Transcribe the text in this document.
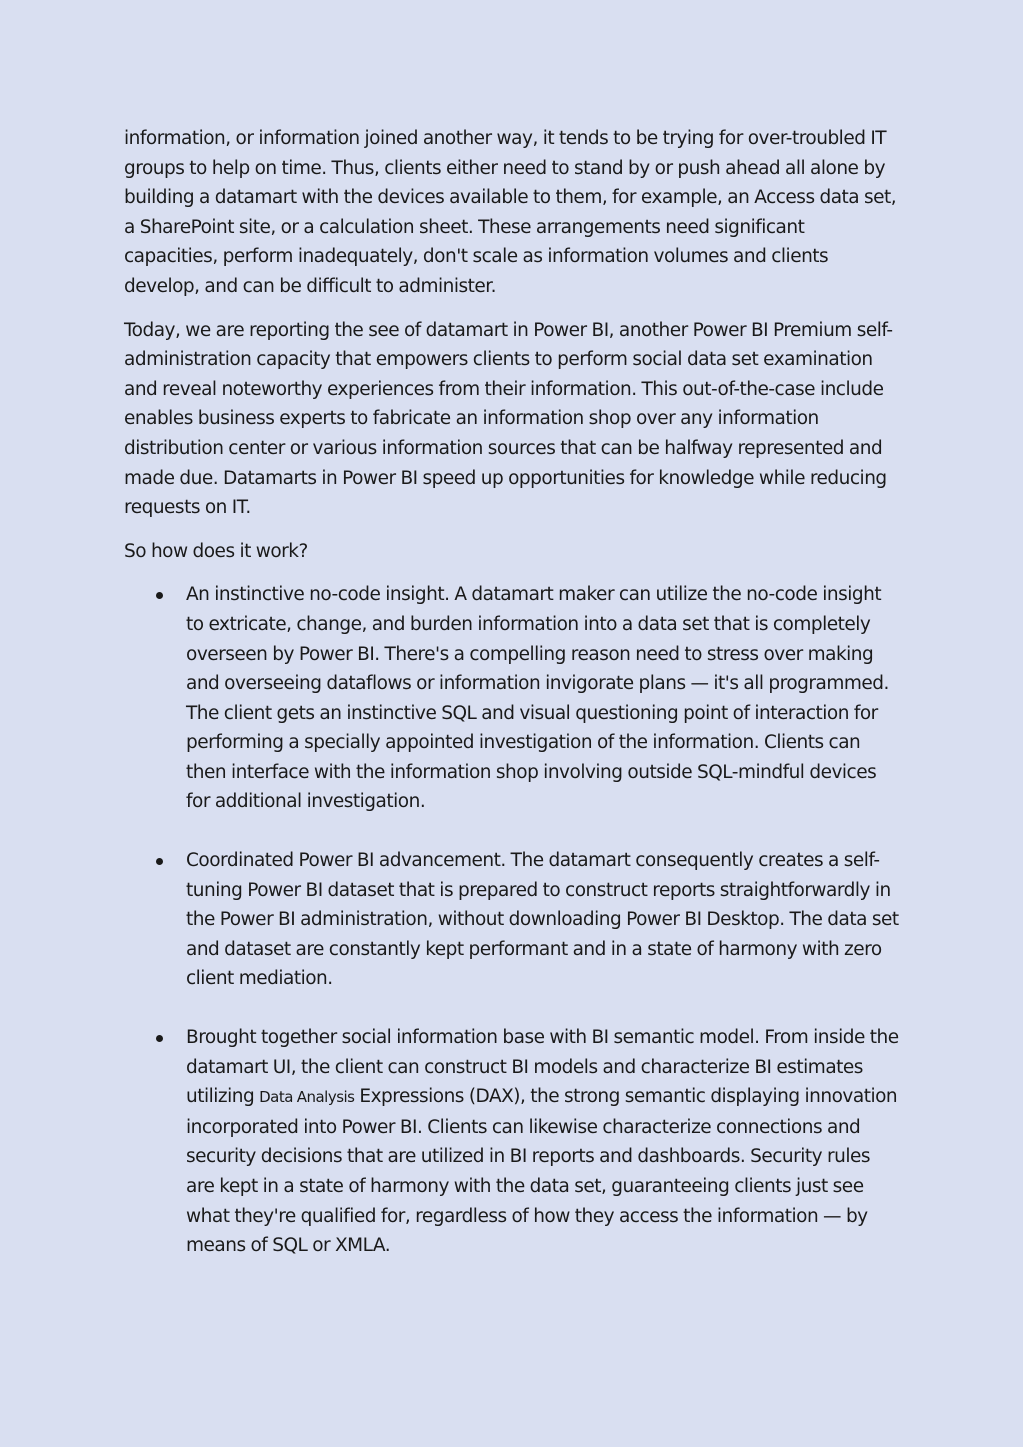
information, or information joined another way, it tends to be trying for over-troubled IT groups to help on time. Thus, clients either need to stand by or push ahead all alone by building a datamart with the devices available to them, for example, an Access data set, a SharePoint site, or a calculation sheet. These arrangements need significant capacities, perform inadequately, don't scale as information volumes and clients develop, and can be difficult to administer.

Today, we are reporting the see of datamart in Power BI, another Power BI Premium self-administration capacity that empowers clients to perform social data set examination and reveal noteworthy experiences from their information. This out-of-the-case include enables business experts to fabricate an information shop over any information distribution center or various information sources that can be halfway represented and made due. Datamarts in Power BI speed up opportunities for knowledge while reducing requests on IT.

So how does it work?

An instinctive no-code insight. A datamart maker can utilize the no-code insight to extricate, change, and burden information into a data set that is completely overseen by Power BI. There's a compelling reason need to stress over making and overseeing dataflows or information invigorate plans — it's all programmed. The client gets an instinctive SQL and visual questioning point of interaction for performing a specially appointed investigation of the information. Clients can then interface with the information shop involving outside SQL-mindful devices for additional investigation.

Coordinated Power BI advancement. The datamart consequently creates a self-tuning Power BI dataset that is prepared to construct reports straightforwardly in the Power BI administration, without downloading Power BI Desktop. The data set and dataset are constantly kept performant and in a state of harmony with zero client mediation.

Brought together social information base with BI semantic model. From inside the datamart UI, the client can construct BI models and characterize BI estimates utilizing Data Analysis Expressions (DAX), the strong semantic displaying innovation incorporated into Power BI. Clients can likewise characterize connections and security decisions that are utilized in BI reports and dashboards. Security rules are kept in a state of harmony with the data set, guaranteeing clients just see what they're qualified for, regardless of how they access the information — by means of SQL or XMLA.
